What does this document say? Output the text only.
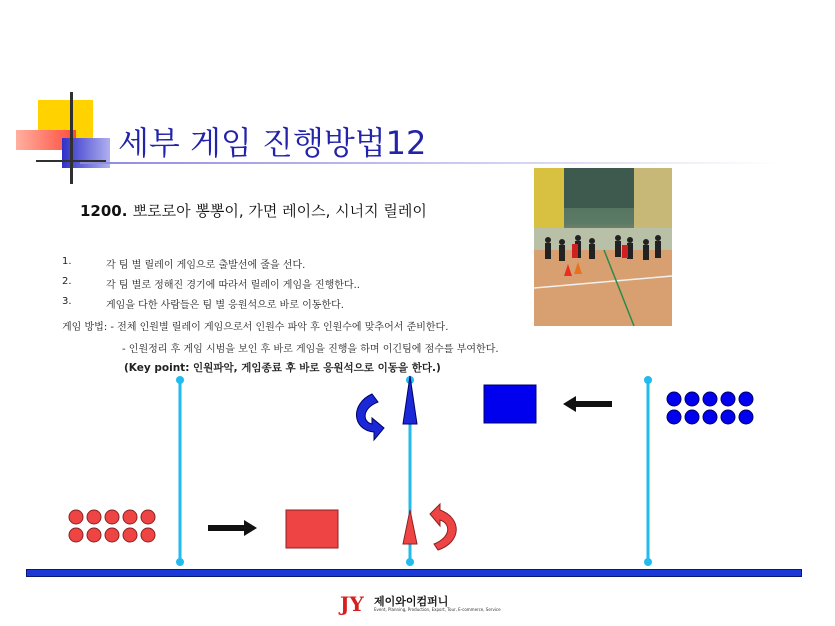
세부 게임 진행방법12
1200. 뽀로로아 뽕뽕이, 가면 레이스, 시너지 릴레이
1.	각 팀 별 릴레이 게임으로 출발선에 줄을 선다.
2.	각 팀 별로 정해진 경기에 따라서 릴레이 게임을 진행한다..
3.	게임을 다한 사람들은 팀 별 응원석으로 바로 이동한다.
게임 방법: - 전체 인원별 릴레이 게임으로서 인원수 파악 후 인원수에 맞추어서 준비한다.
- 인원정리 후 게임 시범을 보인 후 바로 게임을 진행을 하며 이긴팀에 점수를 부여한다.
(Key point: 인원파악, 게임종료 후 바로 응원석으로 이동을 한다.)
JY 제이와이컴퍼니
Event, Planning, Production, Export, Tour, E-commerce, Service
